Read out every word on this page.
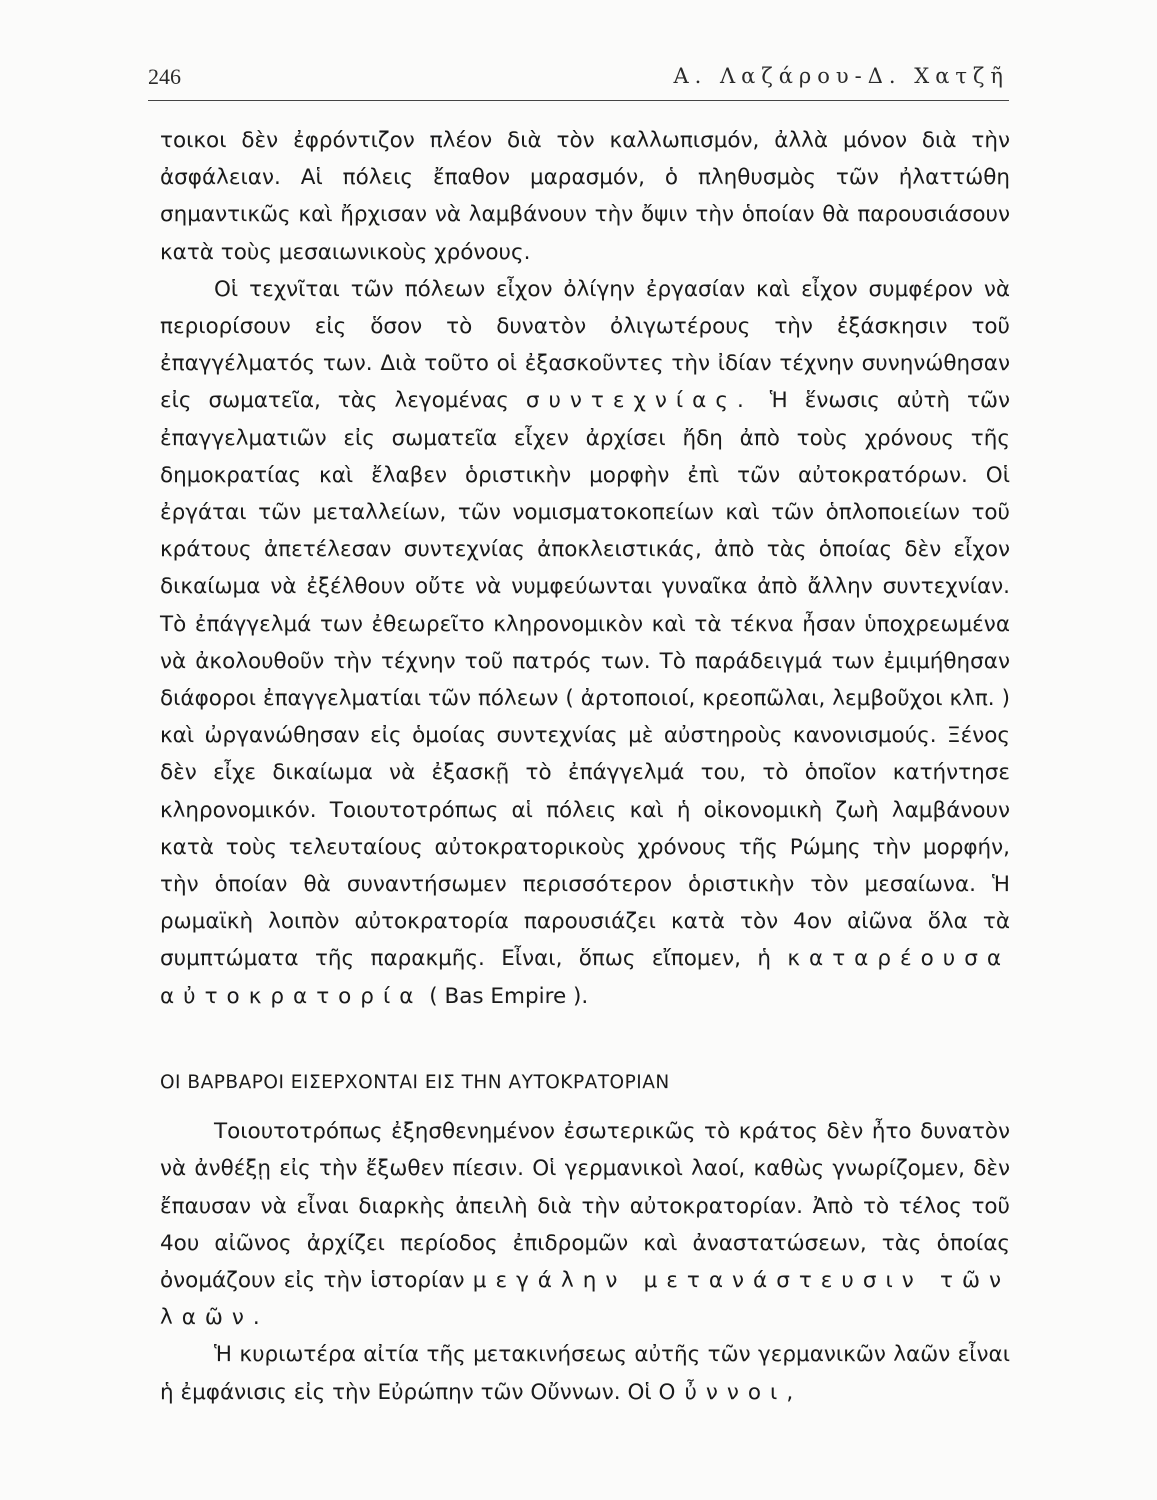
246	Α. Λαζάρου-Δ. Χατζῆ

τοικοι δὲν ἐφρόντιζον πλέον διὰ τὸν καλλωπισμόν, ἀλλὰ μόνον διὰ τὴν ἀσφάλειαν. Αἱ πόλεις ἔπαθον μαρασμόν, ὁ πληθυσμὸς τῶν ἠλαττώθη σημαντικῶς καὶ ἤρχισαν νὰ λαμβάνουν τὴν ὄψιν τὴν ὁποίαν θὰ παρουσιάσουν κατὰ τοὺς μεσαιωνικοὺς χρόνους.

Οἱ τεχνῖται τῶν πόλεων εἶχον ὀλίγην ἐργασίαν καὶ εἶχον συμφέρον νὰ περιορίσουν εἰς ὅσον τὸ δυνατὸν ὀλιγωτέρους τὴν ἐξάσκησιν τοῦ ἐπαγγέλματός των. Διὰ τοῦτο οἱ ἐξασκοῦντες τὴν ἰδίαν τέχνην συνηνώθησαν εἰς σωματεῖα, τὰς λεγομένας συντεχνίας. Ἡ ἕνωσις αὐτὴ τῶν ἐπαγγελματιῶν εἰς σωματεῖα εἶχεν ἀρχίσει ἤδη ἀπὸ τοὺς χρόνους τῆς δημοκρατίας καὶ ἔλαβεν ὁριστικὴν μορφὴν ἐπὶ τῶν αὐτοκρατόρων. Οἱ ἐργάται τῶν μεταλλείων, τῶν νομισματοκοπείων καὶ τῶν ὁπλοποιείων τοῦ κράτους ἀπετέλεσαν συντεχνίας ἀποκλειστικάς, ἀπὸ τὰς ὁποίας δὲν εἶχον δικαίωμα νὰ ἐξέλθουν οὔτε νὰ νυμφεύωνται γυναῖκα ἀπὸ ἄλλην συντεχνίαν. Τὸ ἐπάγγελμά των ἐθεωρεῖτο κληρονομικὸν καὶ τὰ τέκνα ἦσαν ὑποχρεωμένα νὰ ἀκολουθοῦν τὴν τέχνην τοῦ πατρός των. Τὸ παράδειγμά των ἐμιμήθησαν διάφοροι ἐπαγγελματίαι τῶν πόλεων ( ἀρτοποιοί, κρεοπῶλαι, λεμβοῦχοι κλπ. ) καὶ ὠργανώθησαν εἰς ὁμοίας συντεχνίας μὲ αὐστηροὺς κανονισμούς. Ξένος δὲν εἶχε δικαίωμα νὰ ἐξασκῇ τὸ ἐπάγγελμά του, τὸ ὁποῖον κατήντησε κληρονομικόν. Τοιουτοτρόπως αἱ πόλεις καὶ ἡ οἰκονομικὴ ζωὴ λαμβάνουν κατὰ τοὺς τελευταίους αὐτοκρατορικοὺς χρόνους τῆς Ρώμης τὴν μορφήν, τὴν ὁποίαν θὰ συναντήσωμεν περισσότερον ὁριστικὴν τὸν μεσαίωνα. Ἡ ρωμαϊκὴ λοιπὸν αὐτοκρατορία παρουσιάζει κατὰ τὸν 4ον αἰῶνα ὅλα τὰ συμπτώματα τῆς παρακμῆς. Εἶναι, ὅπως εἴπομεν, ἡ καταρέουσα αὐτοκρατορία ( Bas Empire ).

ΟΙ ΒΑΡΒΑΡΟΙ ΕΙΣΕΡΧΟΝΤΑΙ ΕΙΣ ΤΗΝ ΑΥΤΟΚΡΑΤΟΡΙΑΝ

Τοιουτοτρόπως ἐξησθενημένον ἐσωτερικῶς τὸ κράτος δὲν ἦτο δυνατὸν νὰ ἀνθέξῃ εἰς τὴν ἔξωθεν πίεσιν. Οἱ γερμανικοὶ λαοί, καθὼς γνωρίζομεν, δὲν ἔπαυσαν νὰ εἶναι διαρκὴς ἀπειλὴ διὰ τὴν αὐτοκρατορίαν. Ἀπὸ τὸ τέλος τοῦ 4ου αἰῶνος ἀρχίζει περίοδος ἐπιδρομῶν καὶ ἀναστατώσεων, τὰς ὁποίας ὀνομάζουν εἰς τὴν ἱστορίαν μεγάλην μετανάστευσιν τῶν λαῶν.

Ἡ κυριωτέρα αἰτία τῆς μετακινήσεως αὐτῆς τῶν γερμανικῶν λαῶν εἶναι ἡ ἐμφάνισις εἰς τὴν Εὐρώπην τῶν Οὔννων. Οἱ Οὖννοι,
